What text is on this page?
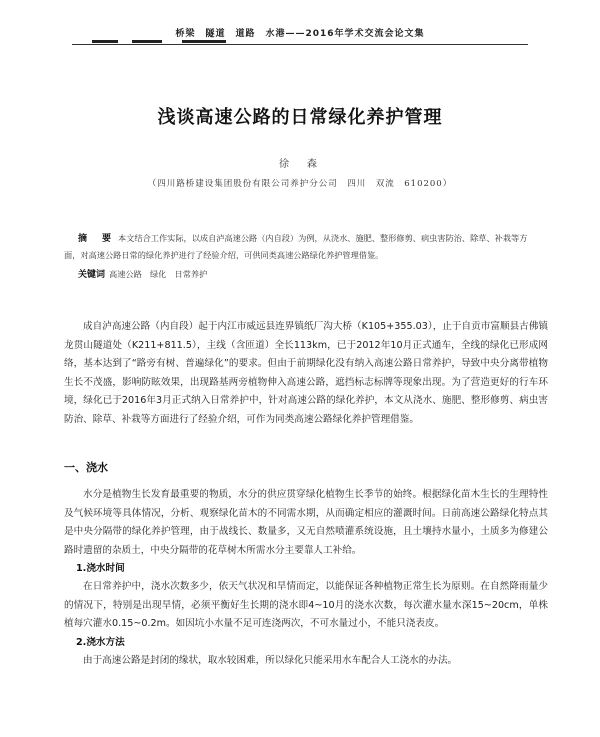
桥梁　隧道　道路　水港——2016年学术交流会论文集
浅谈高速公路的日常绿化养护管理
徐　森
（四川路桥建设集团股份有限公司养护分公司　四川　双流　610200）
摘　要 本文结合工作实际，以成自泸高速公路（内自段）为例，从浇水、施肥、整形修剪、病虫害防治、除草、补栽等方面，对高速公路日常的绿化养护进行了经验介绍，可供同类高速公路绿化养护管理借鉴。
关键词 高速公路　绿化　日常养护
成自泸高速公路（内自段）起于内江市威远县连界镇纸厂沟大桥（K105+355.03），止于自贡市富顺县古佛镇龙贯山隧道处（K211+811.5），主线（含匝道）全长113km，已于2012年10月正式通车，全线的绿化已形成网络，基本达到了“路旁有树、普遍绿化”的要求。但由于前期绿化没有纳入高速公路日常养护，导致中央分离带植物生长不茂盛，影响防眩效果，出现路基两旁植物伸入高速公路，遮挡标志标牌等现象出现。为了营造更好的行车环境，绿化已于2016年3月正式纳入日常养护中，针对高速公路的绿化养护，本文从浇水、施肥、整形修剪、病虫害防治、除草、补栽等方面进行了经验介绍，可作为同类高速公路绿化养护管理借鉴。
一、浇水
水分是植物生长发育最重要的物质，水分的供应贯穿绿化植物生长季节的始终。根据绿化苗木生长的生理特性及气候环境等具体情况，分析、观察绿化苗木的不同需水期，从而确定相应的灌溉时间。日前高速公路绿化特点其是中央分隔带的绿化养护管理，由于战线长、数量多，又无自然喷灌系统设施，且土壤持水量小，土质多为修建公路时遗留的杂质土，中央分隔带的花草树木所需水分主要靠人工补给。
1.浇水时间
在日常养护中，浇水次数多少，依天气状况和旱情而定，以能保证各种植物正常生长为原则。在自然降雨量少的情况下，特别是出现旱情，必须平衡好生长期的浇水即4~10月的浇水次数，每次灌水量水深15~20cm，单株植每穴灌水0.15~0.2m。如因坑小水量不足可连浇两次，不可水量过小，不能只浇表皮。
2.浇水方法
由于高速公路是封闭的缘状，取水较困难，所以绿化只能采用水车配合人工浇水的办法。
